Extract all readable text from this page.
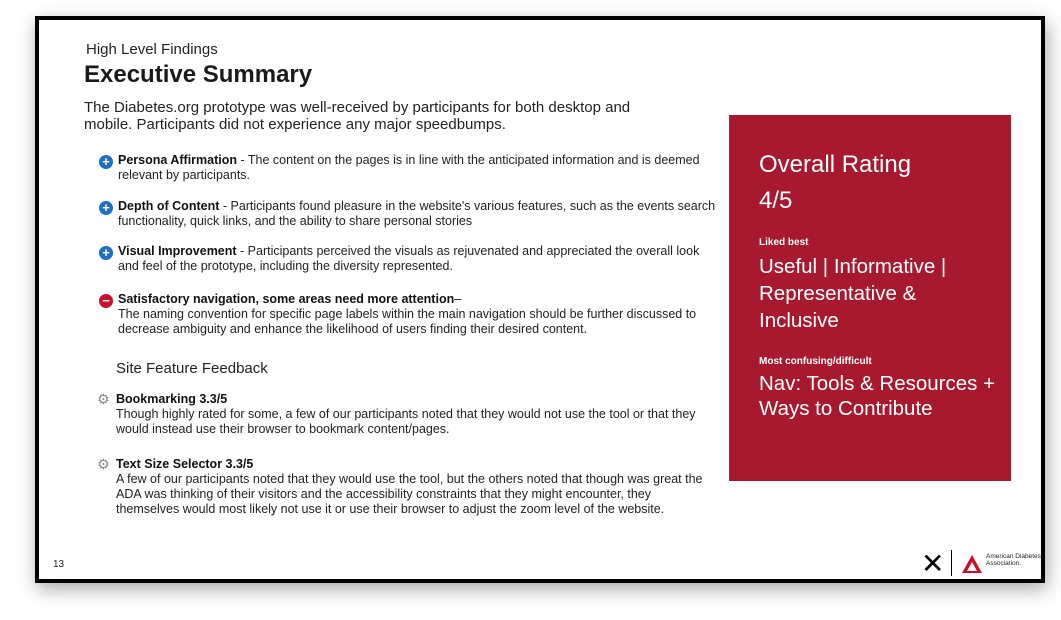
High Level Findings
Executive Summary
The Diabetes.org prototype was well-received by participants for both desktop and mobile. Participants did not experience any major speedbumps.
+ Persona Affirmation - The content on the pages is in line with the anticipated information and is deemed relevant by participants.
+ Depth of Content - Participants found pleasure in the website's various features, such as the events search functionality, quick links, and the ability to share personal stories
+ Visual Improvement - Participants perceived the visuals as rejuvenated and appreciated the overall look and feel of the prototype, including the diversity represented.
− Satisfactory navigation, some areas need more attention–
The naming convention for specific page labels within the main navigation should be further discussed to decrease ambiguity and enhance the likelihood of users finding their desired content.
Site Feature Feedback
⚙ Bookmarking 3.3/5
Though highly rated for some, a few of our participants noted that they would not use the tool or that they would instead use their browser to bookmark content/pages.
⚙ Text Size Selector 3.3/5
A few of our participants noted that they would use the tool, but the others noted that though was great the ADA was thinking of their visitors and the accessibility constraints that they might encounter, they themselves would most likely not use it or use their browser to adjust the zoom level of the website.
Overall Rating
4/5
Liked best
Useful | Informative | Representative & Inclusive
Most confusing/difficult
Nav: Tools & Resources + Ways to Contribute
13	✕	American Diabetes Association.
